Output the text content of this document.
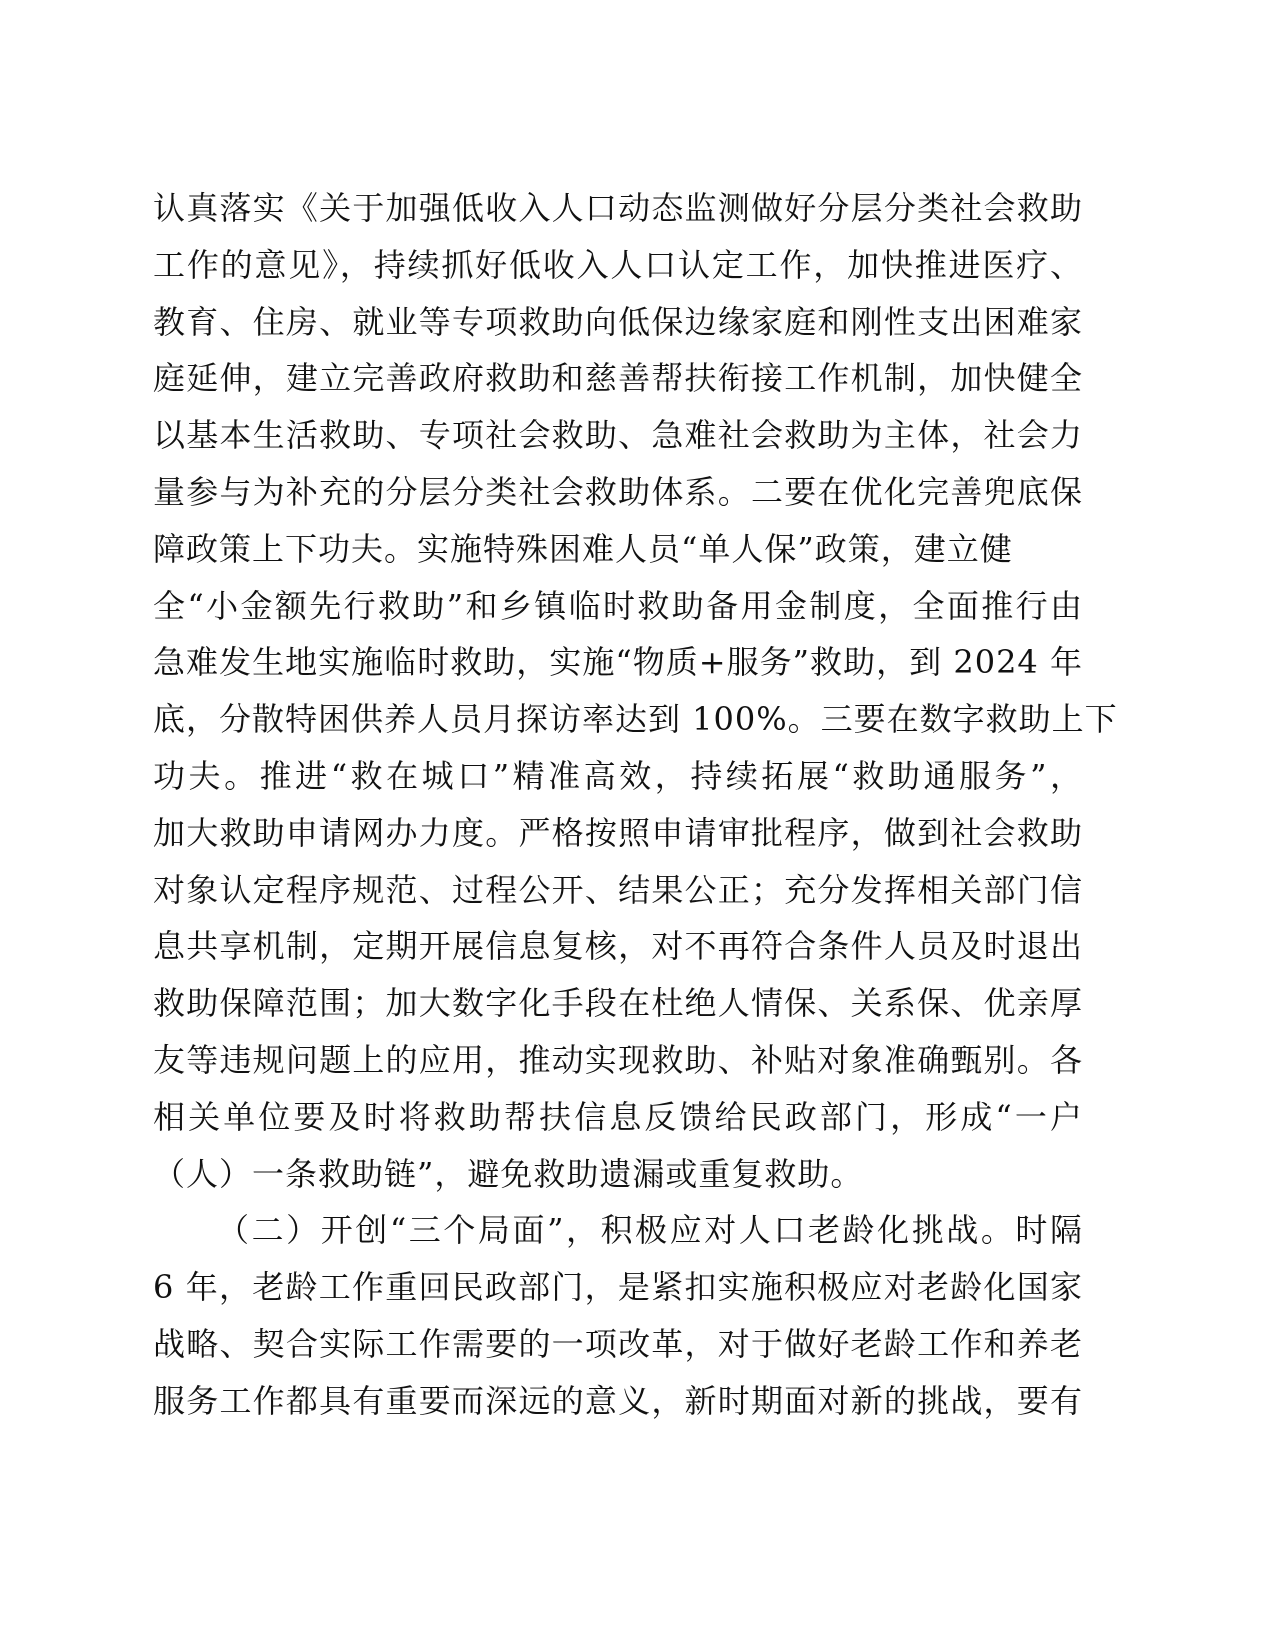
认真落实《关于加强低收入人口动态监测做好分层分类社会救助
工作的意见》，持续抓好低收入人口认定工作，加快推进医疗、
教育、住房、就业等专项救助向低保边缘家庭和刚性支出困难家
庭延伸，建立完善政府救助和慈善帮扶衔接工作机制，加快健全
以基本生活救助、专项社会救助、急难社会救助为主体，社会力
量参与为补充的分层分类社会救助体系。二要在优化完善兜底保
障政策上下功夫。实施特殊困难人员“单人保”政策，建立健
全“小金额先行救助”和乡镇临时救助备用金制度，全面推行由
急难发生地实施临时救助，实施“物质+服务”救助，到 2024 年
底，分散特困供养人员月探访率达到 100%。三要在数字救助上下
功夫。推进“救在城口”精准高效，持续拓展“救助通服务”，
加大救助申请网办力度。严格按照申请审批程序，做到社会救助
对象认定程序规范、过程公开、结果公正；充分发挥相关部门信
息共享机制，定期开展信息复核，对不再符合条件人员及时退出
救助保障范围；加大数字化手段在杜绝人情保、关系保、优亲厚
友等违规问题上的应用，推动实现救助、补贴对象准确甄别。各
相关单位要及时将救助帮扶信息反馈给民政部门，形成“一户
（人）一条救助链”，避免救助遗漏或重复救助。
（二）开创“三个局面”，积极应对人口老龄化挑战。时隔
6 年，老龄工作重回民政部门，是紧扣实施积极应对老龄化国家
战略、契合实际工作需要的一项改革，对于做好老龄工作和养老
服务工作都具有重要而深远的意义，新时期面对新的挑战，要有
